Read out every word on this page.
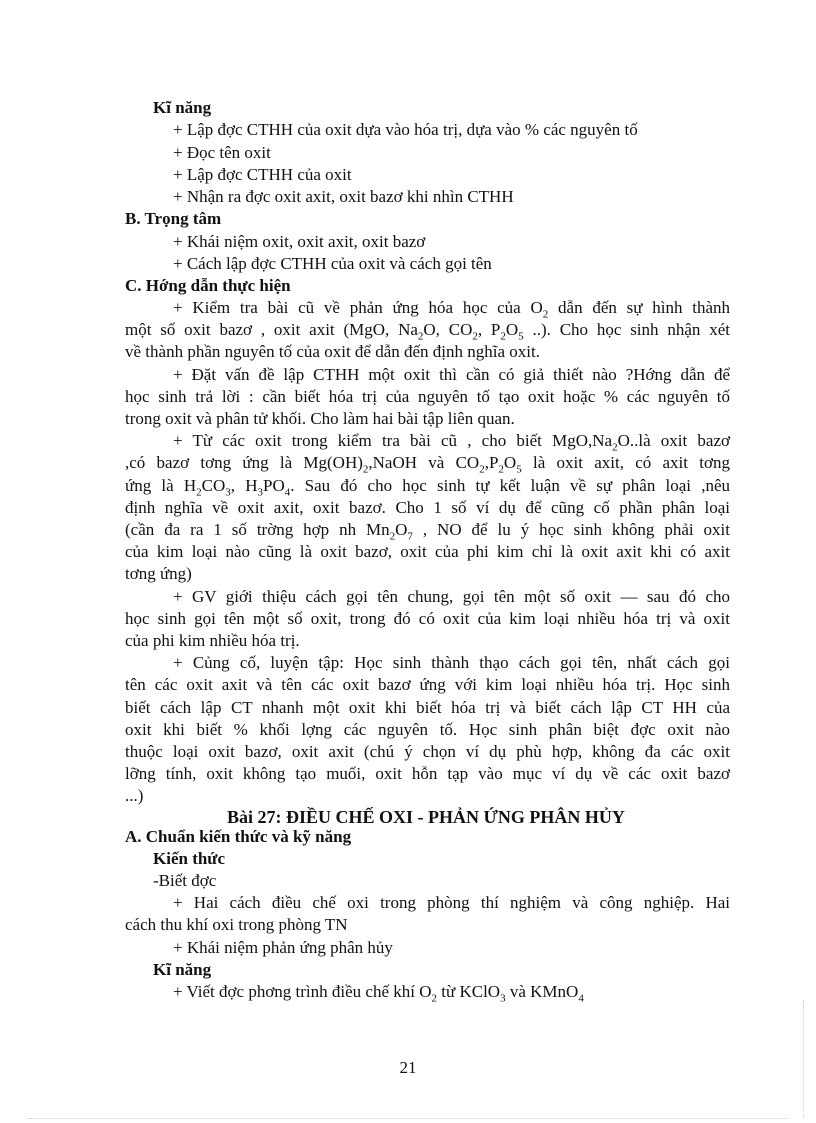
Kĩ năng
+ Lập đợc CTHH của oxit dựa vào hóa trị, dựa vào % các nguyên tố
+ Đọc tên oxit
+ Lập đợc CTHH của oxit
+ Nhận ra đợc oxit axit, oxit bazơ khi nhìn CTHH
B. Trọng tâm
+ Khái niệm oxit, oxit axit, oxit bazơ
+ Cách lập đợc CTHH của oxit và cách gọi tên
C. Hớng dẫn thực hiện
+ Kiểm tra bài cũ về phản ứng hóa học của $O_2$ dẫn đến sự hình thành
một số oxit bazơ , oxit axit (MgO, $Na_2O$, $CO_2$, $P_2O_5$ ..). Cho học sinh nhận xét
về thành phần nguyên tố của oxit để dẫn đến định nghĩa oxit.
+ Đặt vấn đề lập CTHH một oxit thì cần có giả thiết nào ?Hớng dẫn để
học sinh trả lời : cần biết hóa trị của nguyên tố tạo oxit hoặc % các nguyên tố
trong oxit và phân tử khối. Cho làm hai bài tập liên quan.
+ Từ các oxit trong kiểm tra bài cũ , cho biết $MgO,Na_2O..là$ oxit bazơ
,có bazơ tơng ứng là $Mg(OH)_2,NaOH$ và $CO_2,P_2O_5$ là oxit axit, có axit tơng
ứng là $H_2CO_3$, $H_3PO_4$. Sau đó cho học sinh tự kết luận về sự phân loại ,nêu
định nghĩa về oxit axit, oxit bazơ. Cho 1 số ví dụ để cũng cố phần phân loại
(cần đa ra 1 số trờng hợp nh $Mn_2O_7$ , NO để lu ý học sinh không phải oxit
của kim loại nào cũng là oxit bazơ, oxit của phi kim chỉ là oxit axit khi có axit
tơng ứng)
+ GV giới thiệu cách gọi tên chung, gọi tên một số oxit — sau đó cho
học sinh gọi tên một số oxit, trong đó có oxit của kim loại nhiều hóa trị và oxit
của phi kim nhiều hóa trị.
+ Củng cố, luyện tập: Học sinh thành thạo cách gọi tên, nhất cách gọi
tên các oxit axit và tên các oxit bazơ ứng với kim loại nhiều hóa trị. Học sinh
biết cách lập CT nhanh một oxit khi biết hóa trị và biết cách lập CT HH của
oxit khi biết % khối lợng các nguyên tố. Học sinh phân biệt đợc oxit nào
thuộc loại oxit bazơ, oxit axit (chú ý chọn ví dụ phù hợp, không đa các oxit
lỡng tính, oxit không tạo muối, oxit hỗn tạp vào mục ví dụ về các oxit bazơ
...)
Bài 27: ĐIỀU CHẾ OXI - PHẢN ỨNG PHÂN HỦY
A. Chuẩn kiến thức và kỹ năng
Kiến thức
-Biết đợc
+ Hai cách điều chế oxi trong phòng thí nghiệm và công nghiệp. Hai
cách thu khí oxi trong phòng TN
+ Khái niệm phản ứng phân hủy
Kĩ năng
+ Viết đợc phơng trình điều chế khí $O_2$ từ KClO$_3$ và KMnO$_4$
21
